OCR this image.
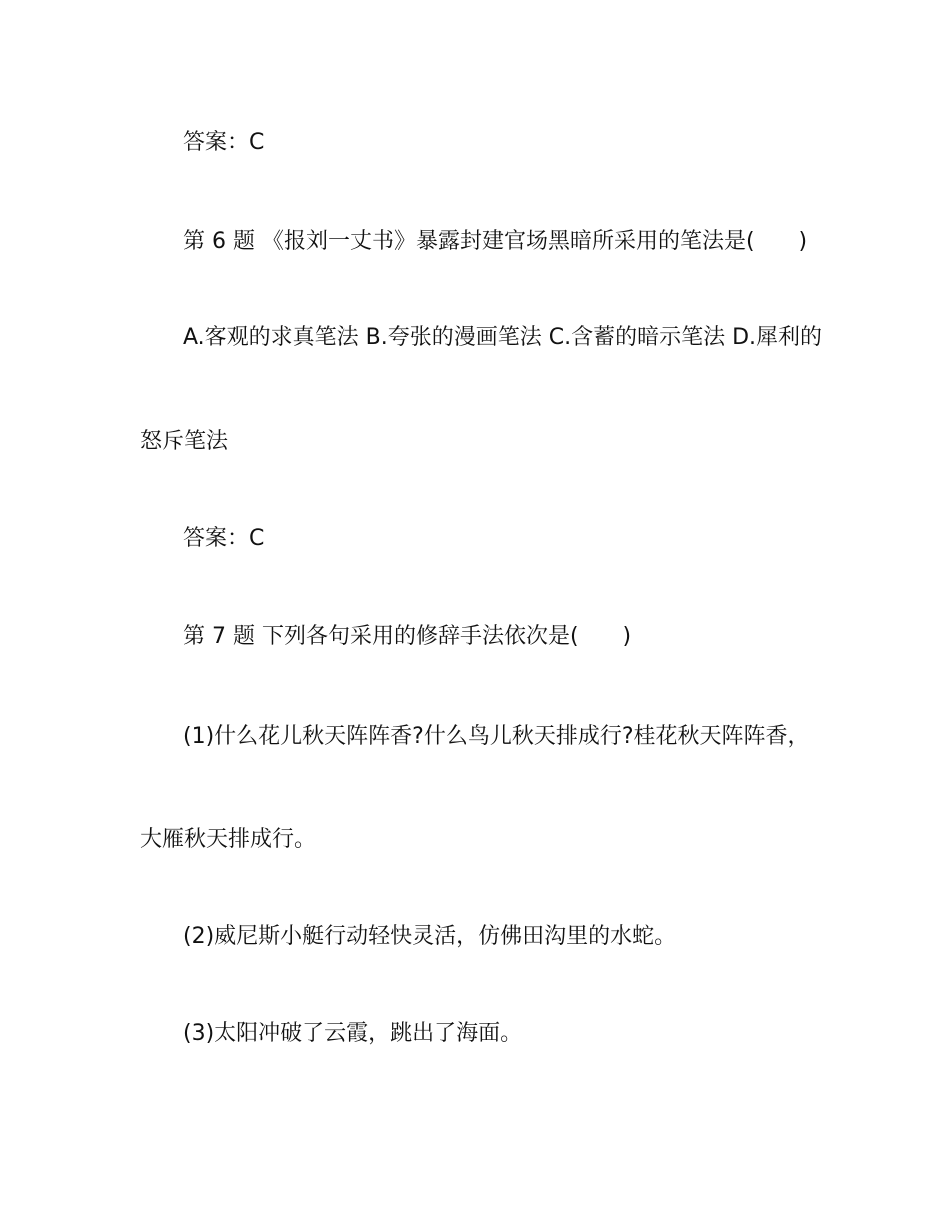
答案：C
第 6 题 《报刘一丈书》暴露封建官场黑暗所采用的笔法是(　　)
A.客观的求真笔法 B.夸张的漫画笔法 C.含蓄的暗示笔法 D.犀利的
怒斥笔法
答案：C
第 7 题 下列各句采用的修辞手法依次是(　　)
(1)什么花儿秋天阵阵香?什么鸟儿秋天排成行?桂花秋天阵阵香，
大雁秋天排成行。
(2)威尼斯小艇行动轻快灵活，仿佛田沟里的水蛇。
(3)太阳冲破了云霞，跳出了海面。
